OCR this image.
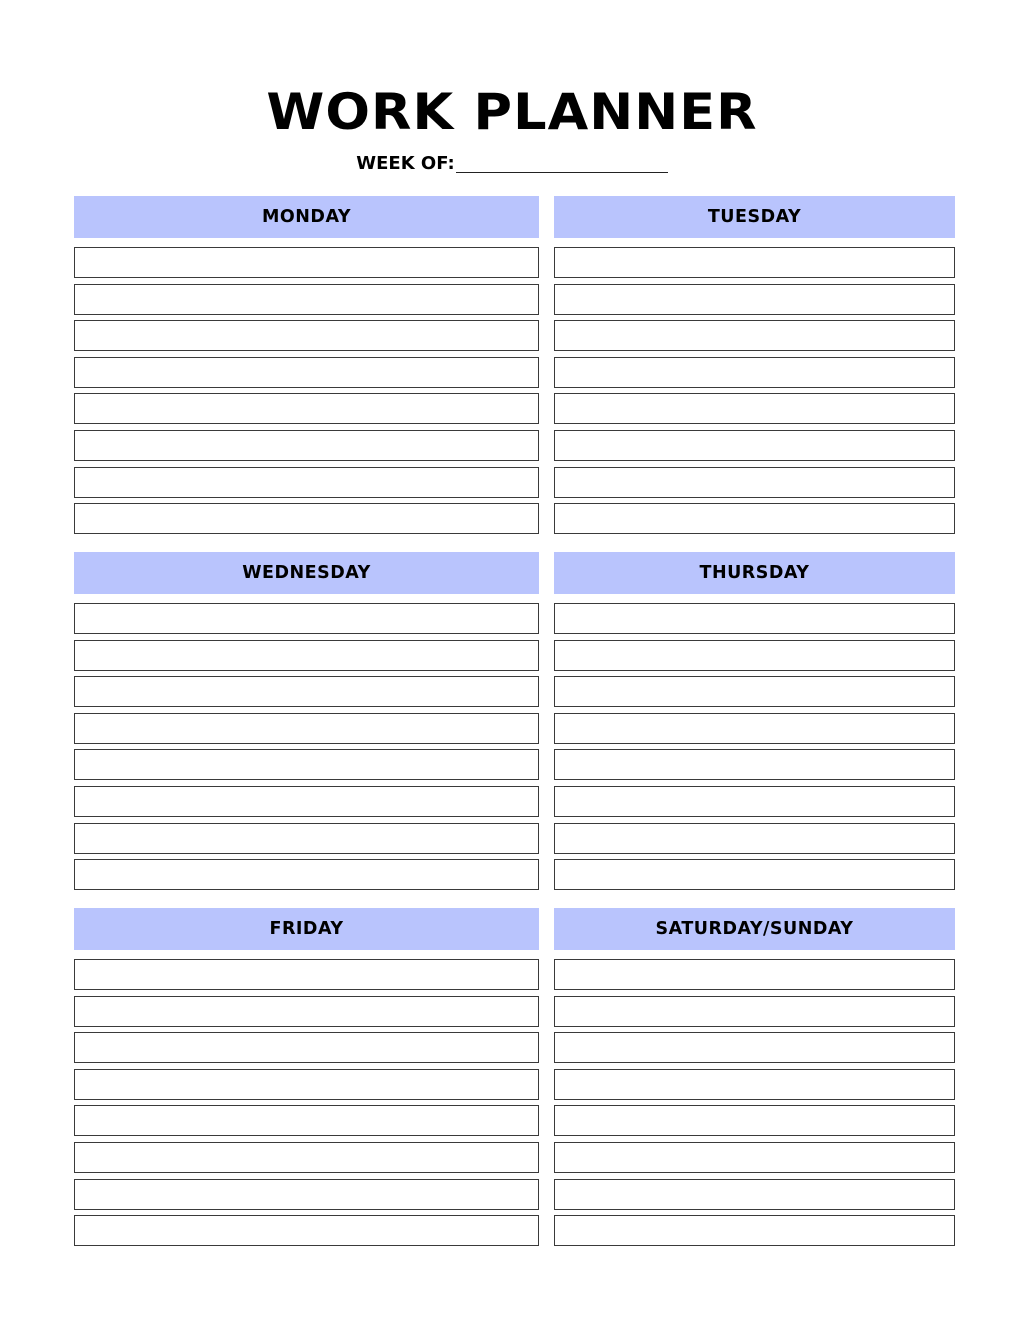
WORK PLANNER
WEEK OF:
MONDAY	TUESDAY
WEDNESDAY	THURSDAY
FRIDAY	SATURDAY/SUNDAY
